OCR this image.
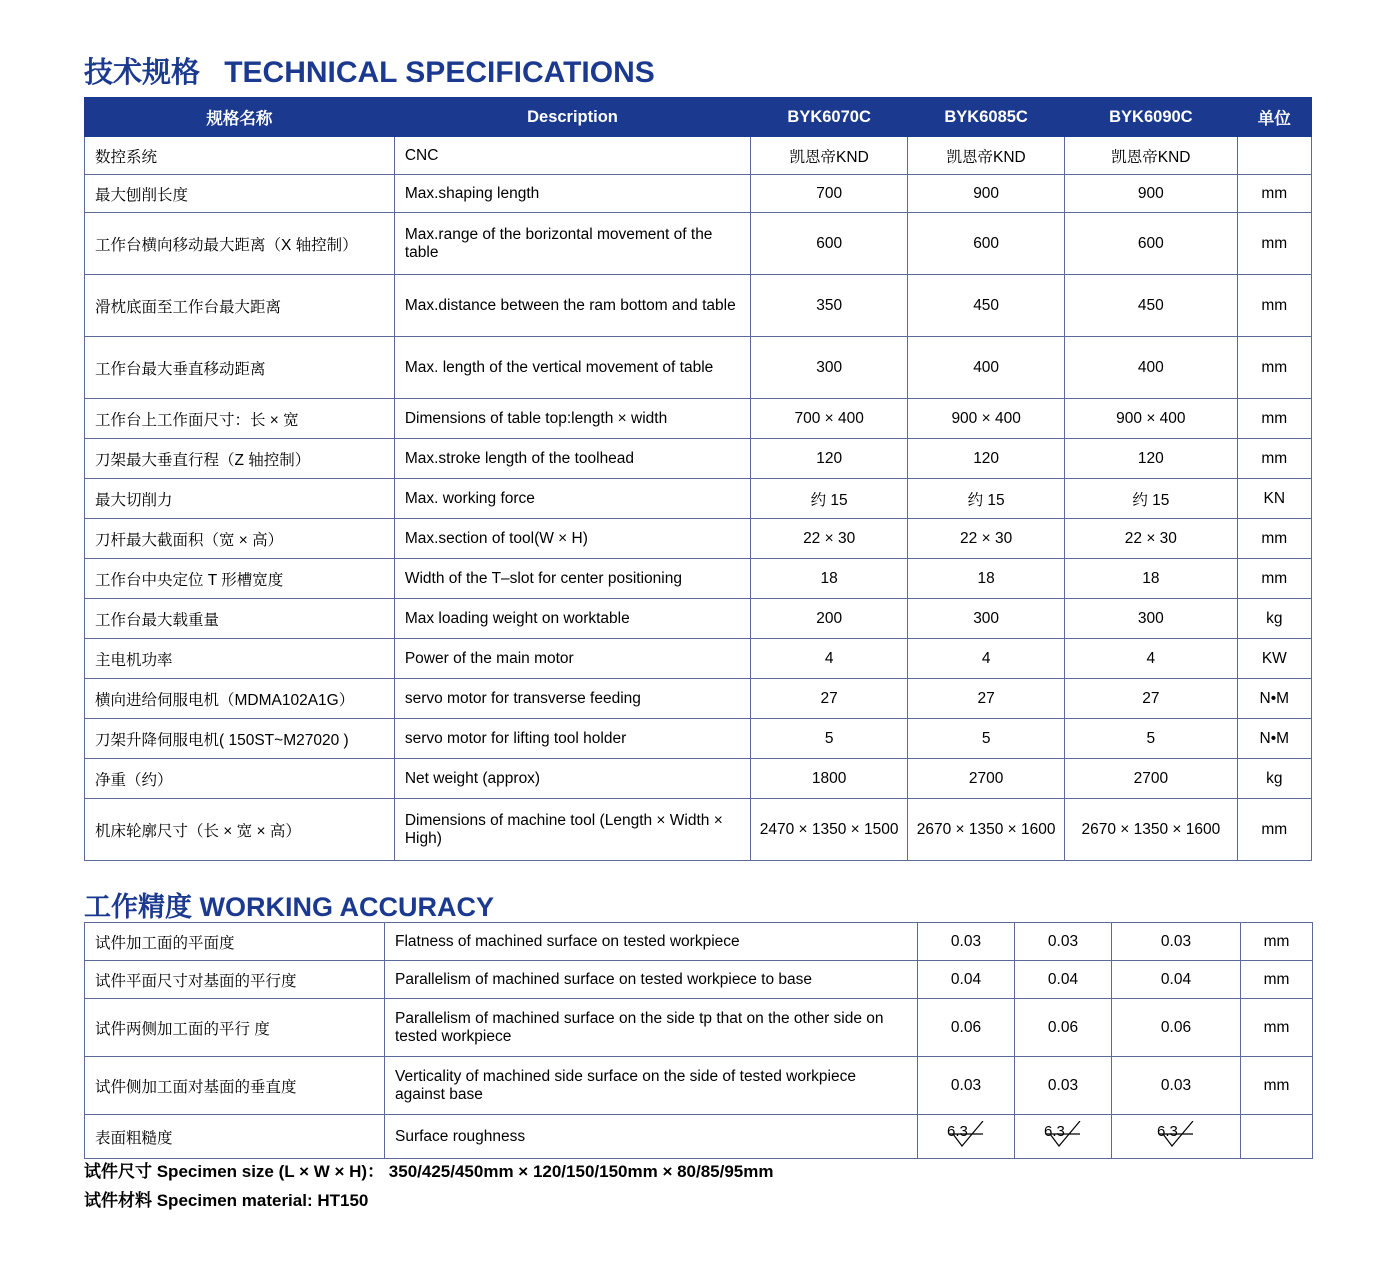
技术规格 TECHNICAL SPECIFICATIONS
规格名称	Description	BYK6070C	BYK6085C	BYK6090C	单位
数控系统	CNC	凯恩帝KND	凯恩帝KND	凯恩帝KND	
最大刨削长度	Max.shaping length	700	900	900	mm
工作台横向移动最大距离（X 轴控制）	Max.range of the borizontal movement of the table	600	600	600	mm
滑枕底面至工作台最大距离	Max.distance between the ram bottom and table	350	450	450	mm
工作台最大垂直移动距离	Max. length of the vertical movement of table	300	400	400	mm
工作台上工作面尺寸：长 × 宽	Dimensions of table top:length × width	700 × 400	900 × 400	900 × 400	mm
刀架最大垂直行程（Z 轴控制）	Max.stroke length of the toolhead	120	120	120	mm
最大切削力	Max. working force	约 15	约 15	约 15	KN
刀杆最大截面积（宽 × 高）	Max.section of tool(W × H)	22 × 30	22 × 30	22 × 30	mm
工作台中央定位 T 形槽宽度	Width of the T–slot for center positioning	18	18	18	mm
工作台最大载重量	Max loading weight on worktable	200	300	300	kg
主电机功率	Power of the main motor	4	4	4	KW
横向进给伺服电机（MDMA102A1G）	servo motor for transverse feeding	27	27	27	N•M
刀架升降伺服电机( 150ST~M27020 )	servo motor for lifting tool holder	5	5	5	N•M
净重（约）	Net weight (approx)	1800	2700	2700	kg
机床轮廓尺寸（长 × 宽 × 高）	Dimensions of machine tool (Length × Width × High)	2470 × 1350 × 1500	2670 × 1350 × 1600	2670 × 1350 × 1600	mm
工作精度 WORKING ACCURACY
试件加工面的平面度	Flatness of machined surface on tested workpiece	0.03	0.03	0.03	mm
试件平面尺寸对基面的平行度	Parallelism of machined surface on tested workpiece to base	0.04	0.04	0.04	mm
试件两侧加工面的平行 度	Parallelism of machined surface on the side tp that on the other side on tested workpiece	0.06	0.06	0.06	mm
试件侧加工面对基面的垂直度	Verticality of machined side surface on the side of tested workpiece against base	0.03	0.03	0.03	mm
表面粗糙度	Surface roughness	6.3	6.3	6.3	

试件尺寸 Specimen size (L × W × H)： 350/425/450mm × 120/150/150mm × 80/85/95mm
试件材料 Specimen material: HT150
